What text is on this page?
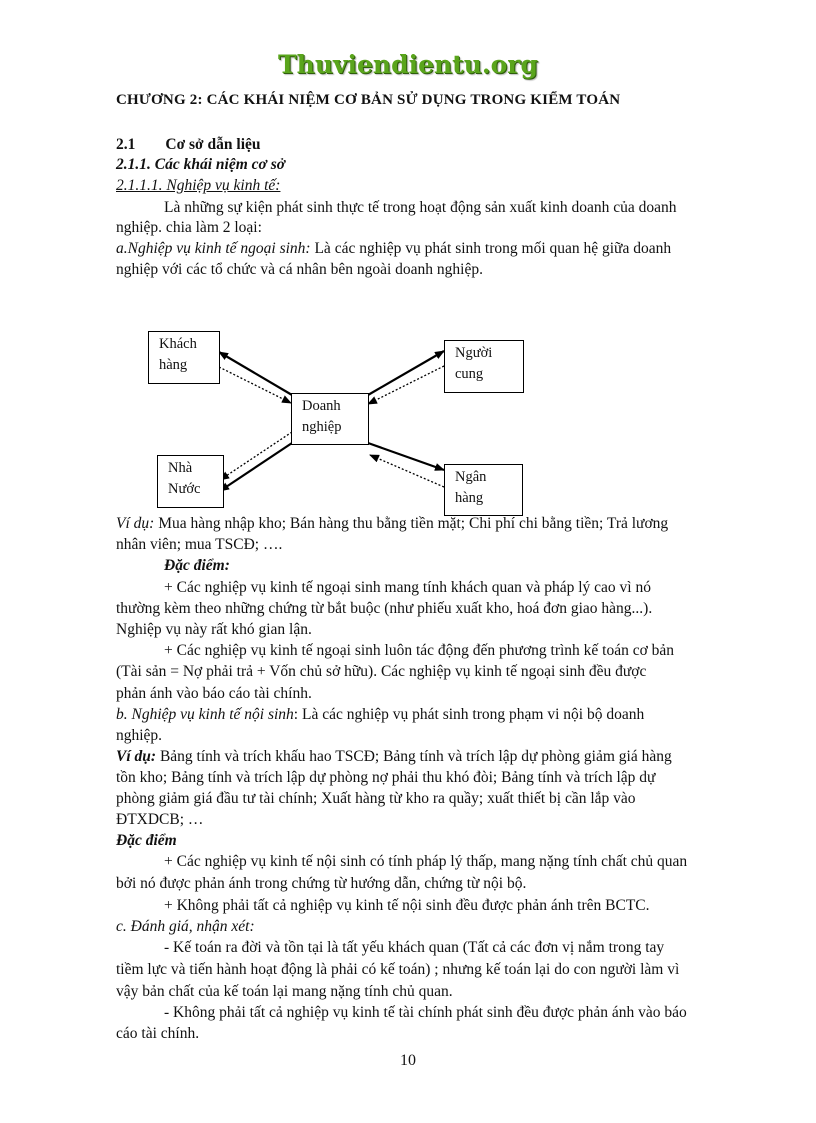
Thuviendientu.org
CHƯƠNG 2: CÁC KHÁI NIỆM CƠ BẢN SỬ DỤNG TRONG KIỂM TOÁN
2.1 Cơ sở dẫn liệu
2.1.1. Các khái niệm cơ sở
2.1.1.1. Nghiệp vụ kinh tế:
Là những sự kiện phát sinh thực tế trong hoạt động sản xuất kinh doanh của doanh
nghiệp. chia làm 2 loại:
a.Nghiệp vụ kinh tế ngoại sinh: Là các nghiệp vụ phát sinh trong mối quan hệ giữa doanh
nghiệp với các tổ chức và cá nhân bên ngoài doanh nghiệp.
Khách
hàng
Người
cung
Doanh
nghiệp
Nhà
Nước
Ngân
hàng
Ví dụ: Mua hàng nhập kho; Bán hàng thu bằng tiền mặt; Chi phí chi bằng tiền; Trả lương
nhân viên; mua TSCĐ; ….
Đặc điểm:
+ Các nghiệp vụ kinh tế ngoại sinh mang tính khách quan và pháp lý cao vì nó
thường kèm theo những chứng từ bắt buộc (như phiếu xuất kho, hoá đơn giao hàng...).
Nghiệp vụ này rất khó gian lận.
+ Các nghiệp vụ kinh tế ngoại sinh luôn tác động đến phương trình kế toán cơ bản
(Tài sản = Nợ phải trả + Vốn chủ sở hữu). Các nghiệp vụ kinh tế ngoại sinh đều được
phản ánh vào báo cáo tài chính.
b. Nghiệp vụ kinh tế nội sinh: Là các nghiệp vụ phát sinh trong phạm vi nội bộ doanh
nghiệp.
Ví dụ: Bảng tính và trích khấu hao TSCĐ; Bảng tính và trích lập dự phòng giảm giá hàng
tồn kho; Bảng tính và trích lập dự phòng nợ phải thu khó đòi; Bảng tính và trích lập dự
phòng giảm giá đầu tư tài chính; Xuất hàng từ kho ra quầy; xuất thiết bị cần lắp vào
ĐTXDCB; …
Đặc điểm
+ Các nghiệp vụ kinh tế nội sinh có tính pháp lý thấp, mang nặng tính chất chủ quan
bởi nó được phản ánh trong chứng từ hướng dẫn, chứng từ nội bộ.
+ Không phải tất cả nghiệp vụ kinh tế nội sinh đều được phản ánh trên BCTC.
c. Đánh giá, nhận xét:
- Kế toán ra đời và tồn tại là tất yếu khách quan (Tất cả các đơn vị nắm trong tay
tiềm lực và tiến hành hoạt động là phải có kế toán) ; nhưng kế toán lại do con người làm vì
vậy bản chất của kế toán lại mang nặng tính chủ quan.
- Không phải tất cả nghiệp vụ kinh tế tài chính phát sinh đều được phản ánh vào báo
cáo tài chính.
10
